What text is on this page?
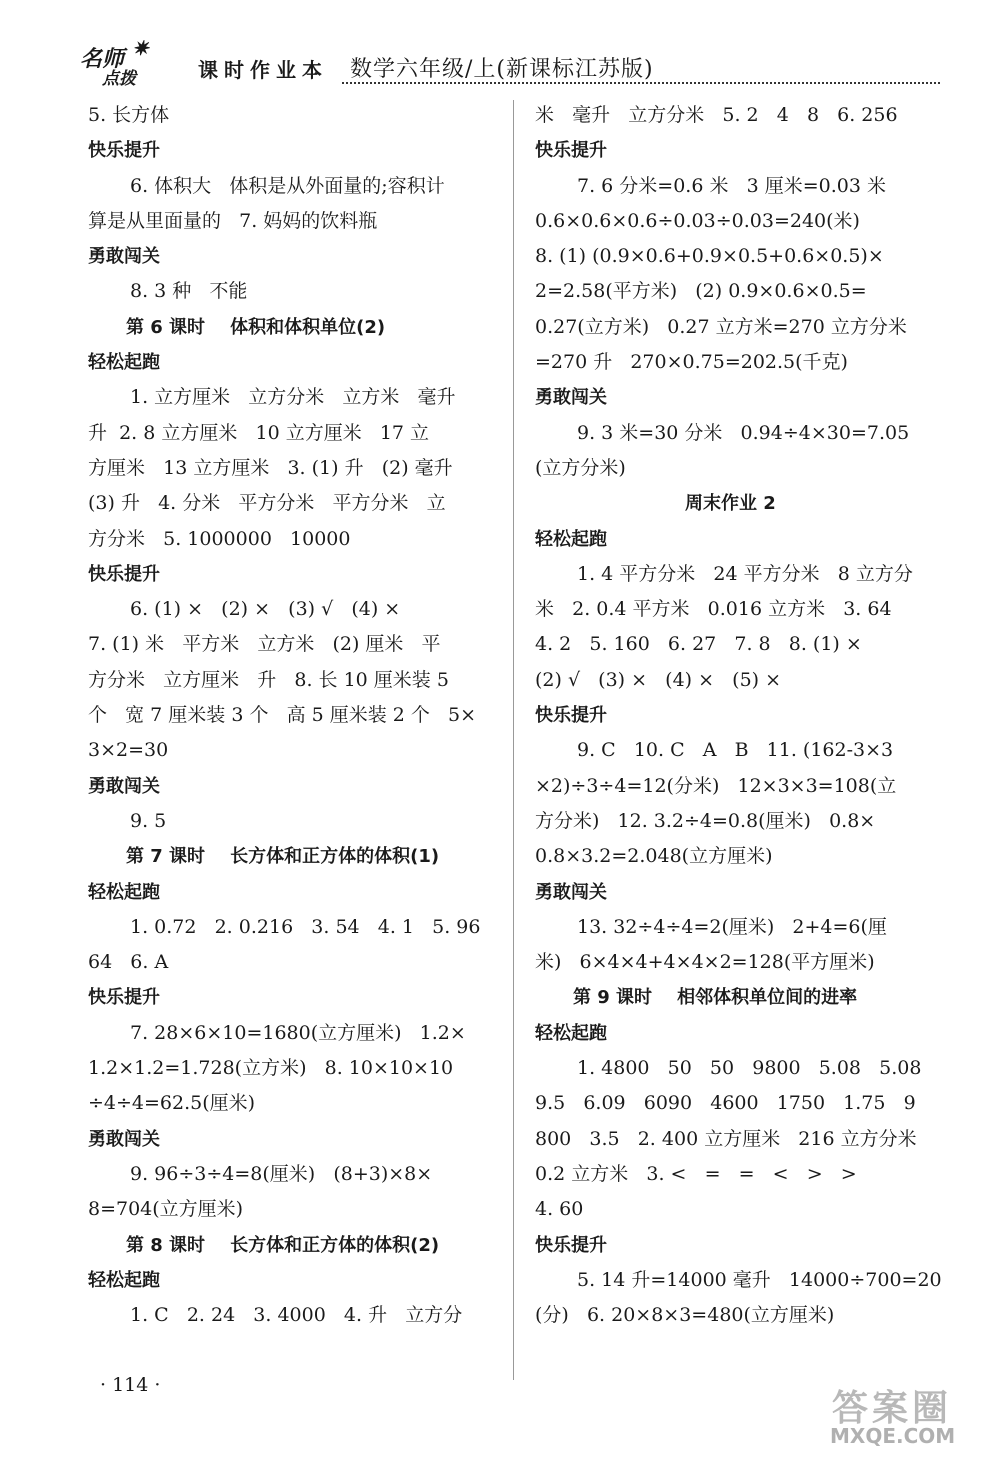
名师 ✷
点拨	课时作业本 数学六年级/上(新课标江苏版)
5. 长方体
快乐提升
6. 体积大   体积是从外面量的;容积计
算是从里面量的   7. 妈妈的饮料瓶
勇敢闯关
8. 3 种   不能
第 6 课时    体积和体积单位(2)
轻松起跑
1. 立方厘米   立方分米   立方米   毫升
升  2. 8 立方厘米   10 立方厘米   17 立
方厘米   13 立方厘米   3. (1) 升   (2) 毫升
(3) 升   4. 分米   平方分米   平方分米   立
方分米   5. 1000000   10000
快乐提升
6. (1) ×   (2) ×   (3) √   (4) ×
7. (1) 米   平方米   立方米   (2) 厘米   平
方分米   立方厘米   升   8. 长 10 厘米装 5
个   宽 7 厘米装 3 个   高 5 厘米装 2 个   5×
3×2=30
勇敢闯关
9. 5
第 7 课时    长方体和正方体的体积(1)
轻松起跑
1. 0.72   2. 0.216   3. 54   4. 1   5. 96
64   6. A
快乐提升
7. 28×6×10=1680(立方厘米)   1.2×
1.2×1.2=1.728(立方米)   8. 10×10×10
÷4÷4=62.5(厘米)
勇敢闯关
9. 96÷3÷4=8(厘米)   (8+3)×8×
8=704(立方厘米)
第 8 课时    长方体和正方体的体积(2)
轻松起跑
1. C   2. 24   3. 4000   4. 升   立方分
米   毫升   立方分米   5. 2   4   8   6. 256
快乐提升
7. 6 分米=0.6 米   3 厘米=0.03 米
0.6×0.6×0.6÷0.03÷0.03=240(米)
8. (1) (0.9×0.6+0.9×0.5+0.6×0.5)×
2=2.58(平方米)   (2) 0.9×0.6×0.5=
0.27(立方米)   0.27 立方米=270 立方分米
=270 升   270×0.75=202.5(千克)
勇敢闯关
9. 3 米=30 分米   0.94÷4×30=7.05
(立方分米)
周末作业 2
轻松起跑
1. 4 平方分米   24 平方分米   8 立方分
米   2. 0.4 平方米   0.016 立方米   3. 64
4. 2   5. 160   6. 27   7. 8   8. (1) ×
(2) √   (3) ×   (4) ×   (5) ×
快乐提升
9. C   10. C   A   B   11. (162-3×3
×2)÷3÷4=12(分米)   12×3×3=108(立
方分米)   12. 3.2÷4=0.8(厘米)   0.8×
0.8×3.2=2.048(立方厘米)
勇敢闯关
13. 32÷4÷4=2(厘米)   2+4=6(厘
米)   6×4×4+4×4×2=128(平方厘米)
第 9 课时    相邻体积单位间的进率
轻松起跑
1. 4800   50   50   9800   5.08   5.08
9.5   6.09   6090   4600   1750   1.75   9
800   3.5   2. 400 立方厘米   216 立方分米
0.2 立方米   3. <   =   =   <   >   >
4. 60
快乐提升
5. 14 升=14000 毫升   14000÷700=20
(分)   6. 20×8×3=480(立方厘米)
· 114 ·
答案圈
MXQE.COM
